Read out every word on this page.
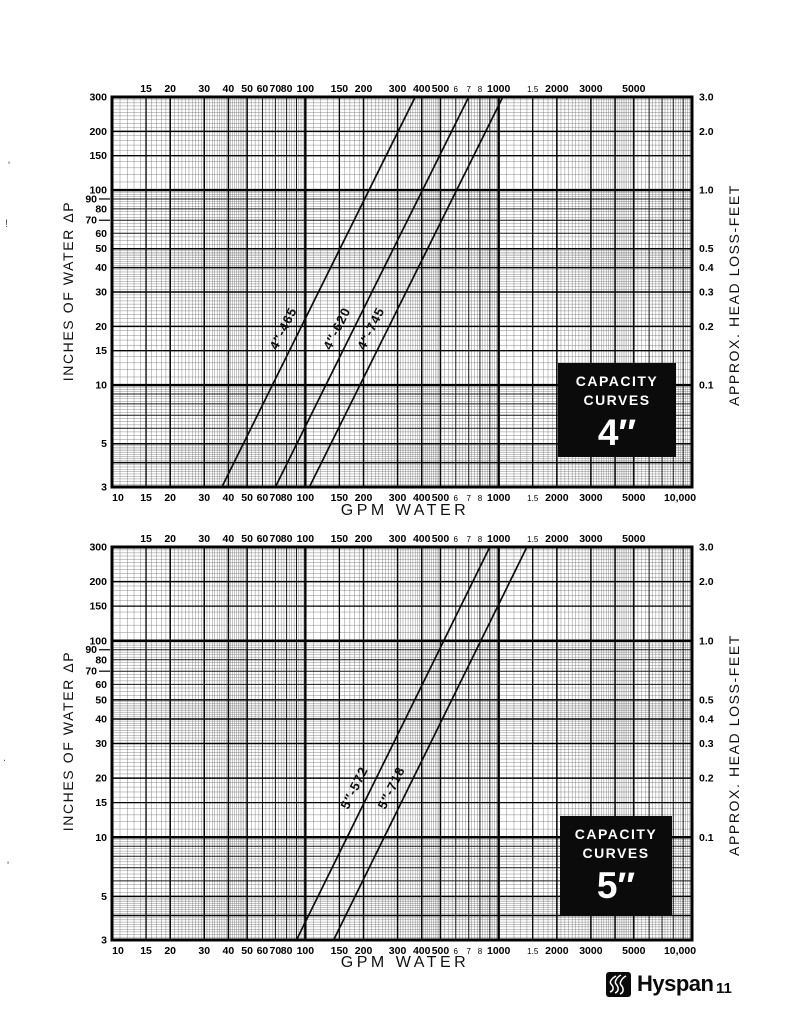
15 20 30 40 50 60 70 80 100 150 200 300 400 500 6 7 8 1000 1.5 2000 3000 5000
10 15 20 30 40 50 60 70 80 100 150 200 300 400 500 6 7 8 1000 1.5 2000 3000 5000 10,000
300
200
150
100
90
80
70
60
50
40
30
20
15
10
5
3
3.0
2.0
1.0
0.5
0.4
0.3
0.2
0.1
4″-465 4″-620 4″-745
15 20 30 40 50 60 70 80 100 150 200 300 400 500 6 7 8 1000 1.5 2000 3000 5000
10 15 20 30 40 50 60 70 80 100 150 200 300 400 500 6 7 8 1000 1.5 2000 3000 5000 10,000
300
200
150
100
90
80
70
60
50
40
30
20
15
10
5
3
3.0
2.0
1.0
0.5
0.4
0.3
0.2
0.1
5″-572 5″-718
INCHES OF WATER ΔP	APPROX. HEAD LOSS-FEET
INCHES OF WATER ΔP	APPROX. HEAD LOSS-FEET
GPM WATER
GPM WATER
CAPACITY
CURVES
4″
CAPACITY
CURVES
5″
Hyspan 11
'
!
.
'
